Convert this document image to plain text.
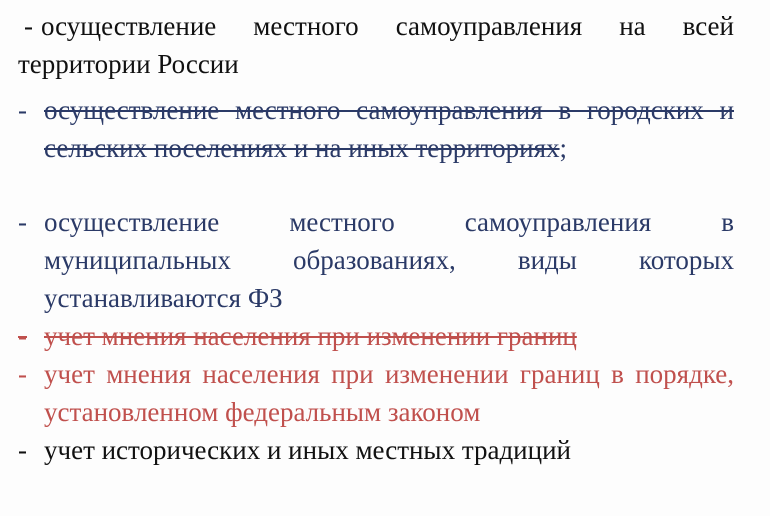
- осуществление местного самоуправления на всей территории России
- осуществление местного самоуправления в городских и сельских поселениях и на иных территориях;
- осуществление местного самоуправления в муниципальных образованиях, виды которых устанавливаются ФЗ
- учет мнения населения при изменении границ
- учет мнения населения при изменении границ в порядке, установленном федеральным законом
- учет исторических и иных местных традиций
